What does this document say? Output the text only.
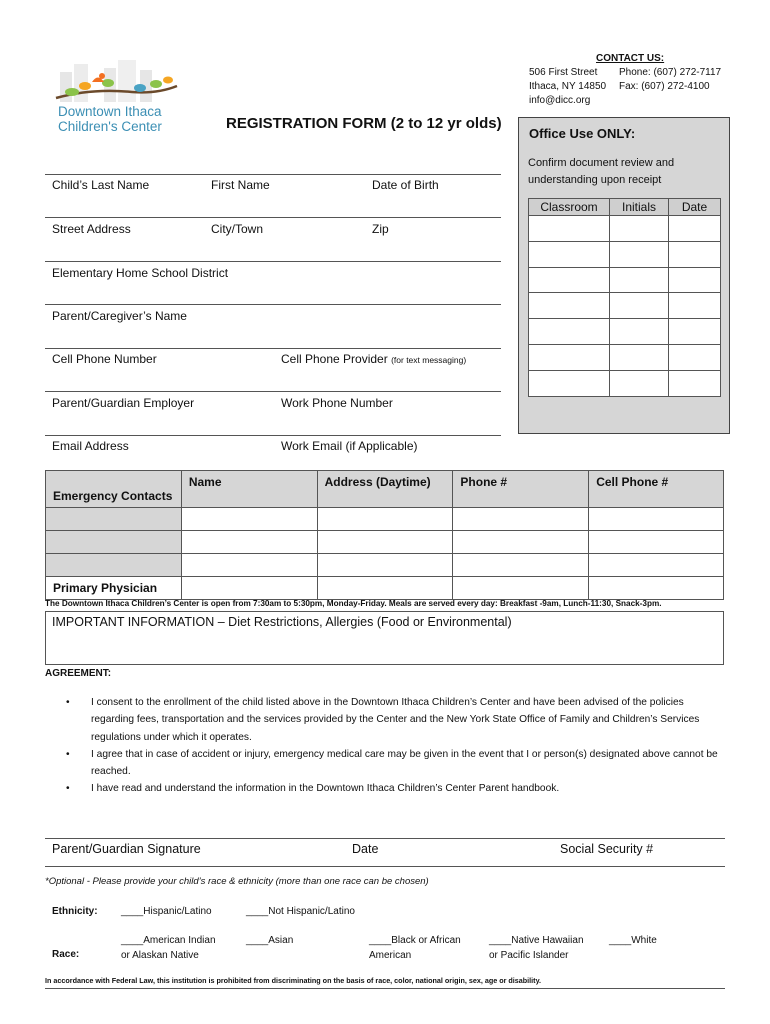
Downtown Ithaca
Children's Center
CONTACT US:
506 First Street
Ithaca, NY 14850
info@dicc.org
Phone: (607) 272-7117
Fax: (607) 272-4100
REGISTRATION FORM (2 to 12 yr olds)
Office Use ONLY:
Confirm document review and understanding upon receipt
Classroom	Initials	Date

Child’s Last Name	First Name	Date of Birth
Street Address	City/Town	Zip
Elementary Home School District
Parent/Caregiver’s Name
Cell Phone Number	Cell Phone Provider (for text messaging)
Parent/Guardian Employer	Work Phone Number
Email Address	Work Email (if Applicable)
Emergency Contacts	Name	Address (Daytime)	Phone #	Cell Phone #

Primary Physician				
The Downtown Ithaca Children’s Center is open from 7:30am to 5:30pm, Monday-Friday. Meals are served every day: Breakfast -9am, Lunch-11:30, Snack-3pm.
IMPORTANT INFORMATION – Diet Restrictions, Allergies (Food or Environmental)
AGREEMENT:
• I consent to the enrollment of the child listed above in the Downtown Ithaca Children’s Center and have been advised of the policies regarding fees, transportation and the services provided by the Center and the New York State Office of Family and Children’s Services regulations under which it operates.
• I agree that in case of accident or injury, emergency medical care may be given in the event that I or person(s) designated above cannot be reached.
• I have read and understand the information in the Downtown Ithaca Children’s Center Parent handbook.
Parent/Guardian Signature	Date	Social Security #
*Optional - Please provide your child’s race & ethnicity (more than one race can be chosen)
Ethnicity: ____Hispanic/Latino	____Not Hispanic/Latino
Race:
____American Indian
or Alaskan Native
____Asian	____Black or African
American
____Native Hawaiian
or Pacific Islander
____White
In accordance with Federal Law, this institution is prohibited from discriminating on the basis of race, color, national origin, sex, age or disability.
